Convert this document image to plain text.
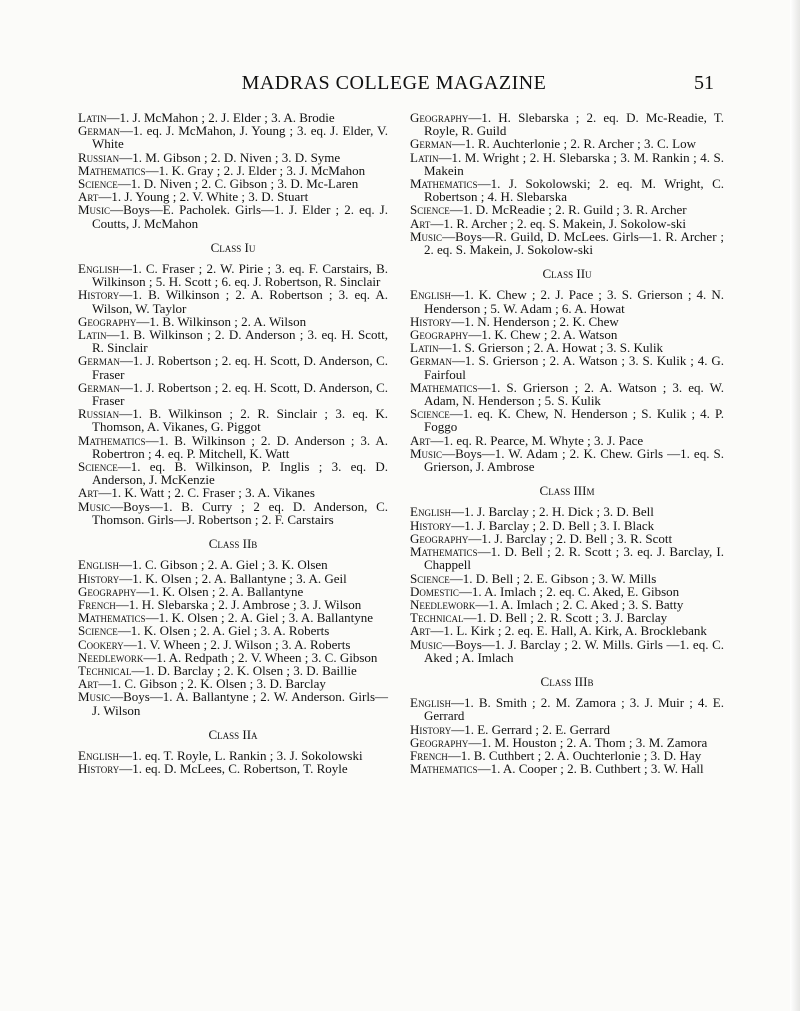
MADRAS COLLEGE MAGAZINE	51

Latin—1. J. McMahon ; 2. J. Elder ; 3. A. Brodie

German—1. eq. J. McMahon, J. Young ; 3. eq. J. Elder, V. White

Russian—1. M. Gibson ; 2. D. Niven ; 3. D. Syme

Mathematics—1. K. Gray ; 2. J. Elder ; 3. J. McMahon

Science—1. D. Niven ; 2. C. Gibson ; 3. D. Mc-Laren

Art—1. J. Young ; 2. V. White ; 3. D. Stuart

Music—Boys—E. Pacholek. Girls—1. J. Elder ; 2. eq. J. Coutts, J. McMahon

Class Iu

English—1. C. Fraser ; 2. W. Pirie ; 3. eq. F. Carstairs, B. Wilkinson ; 5. H. Scott ; 6. eq. J. Robertson, R. Sinclair

History—1. B. Wilkinson ; 2. A. Robertson ; 3. eq. A. Wilson, W. Taylor

Geography—1. B. Wilkinson ; 2. A. Wilson

Latin—1. B. Wilkinson ; 2. D. Anderson ; 3. eq. H. Scott, R. Sinclair

German—1. J. Robertson ; 2. eq. H. Scott, D. Anderson, C. Fraser

German—1. J. Robertson ; 2. eq. H. Scott, D. Anderson, C. Fraser

Russian—1. B. Wilkinson ; 2. R. Sinclair ; 3. eq. K. Thomson, A. Vikanes, G. Piggot

Mathematics—1. B. Wilkinson ; 2. D. Anderson ; 3. A. Robertron ; 4. eq. P. Mitchell, K. Watt

Science—1. eq. B. Wilkinson, P. Inglis ; 3. eq. D. Anderson, J. McKenzie

Art—1. K. Watt ; 2. C. Fraser ; 3. A. Vikanes

Music—Boys—1. B. Curry ; 2 eq. D. Anderson, C. Thomson. Girls—J. Robertson ; 2. F. Carstairs

Class IIb

English—1. C. Gibson ; 2. A. Giel ; 3. K. Olsen

History—1. K. Olsen ; 2. A. Ballantyne ; 3. A. Geil

Geography—1. K. Olsen ; 2. A. Ballantyne

French—1. H. Slebarska ; 2. J. Ambrose ; 3. J. Wilson

Mathematics—1. K. Olsen ; 2. A. Giel ; 3. A. Ballantyne

Science—1. K. Olsen ; 2. A. Giel ; 3. A. Roberts

Cookery—1. V. Wheen ; 2. J. Wilson ; 3. A. Roberts

Needlework—1. A. Redpath ; 2. V. Wheen ; 3. C. Gibson

Technical—1. D. Barclay ; 2. K. Olsen ; 3. D. Baillie

Art—1. C. Gibson ; 2. K. Olsen ; 3. D. Barclay

Music—Boys—1. A. Ballantyne ; 2. W. Anderson. Girls—J. Wilson

Class IIa

English—1. eq. T. Royle, L. Rankin ; 3. J. Sokolowski

History—1. eq. D. McLees, C. Robertson, T. Royle

Geography—1. H. Slebarska ; 2. eq. D. Mc-Readie, T. Royle, R. Guild

German—1. R. Auchterlonie ; 2. R. Archer ; 3. C. Low

Latin—1. M. Wright ; 2. H. Slebarska ; 3. M. Rankin ; 4. S. Makein

Mathematics—1. J. Sokolowski; 2. eq. M. Wright, C. Robertson ; 4. H. Slebarska

Science—1. D. McReadie ; 2. R. Guild ; 3. R. Archer

Art—1. R. Archer ; 2. eq. S. Makein, J. Sokolow-ski

Music—Boys—R. Guild, D. McLees. Girls—1. R. Archer ; 2. eq. S. Makein, J. Sokolow-ski

Class IIu

English—1. K. Chew ; 2. J. Pace ; 3. S. Grierson ; 4. N. Henderson ; 5. W. Adam ; 6. A. Howat

History—1. N. Henderson ; 2. K. Chew

Geography—1. K. Chew ; 2. A. Watson

Latin—1. S. Grierson ; 2. A. Howat ; 3. S. Kulik

German—1. S. Grierson ; 2. A. Watson ; 3. S. Kulik ; 4. G. Fairfoul

Mathematics—1. S. Grierson ; 2. A. Watson ; 3. eq. W. Adam, N. Henderson ; 5. S. Kulik

Science—1. eq. K. Chew, N. Henderson ; S. Kulik ; 4. P. Foggo

Art—1. eq. R. Pearce, M. Whyte ; 3. J. Pace

Music—Boys—1. W. Adam ; 2. K. Chew. Girls —1. eq. S. Grierson, J. Ambrose

Class IIIm

English—1. J. Barclay ; 2. H. Dick ; 3. D. Bell

History—1. J. Barclay ; 2. D. Bell ; 3. I. Black

Geography—1. J. Barclay ; 2. D. Bell ; 3. R. Scott

Mathematics—1. D. Bell ; 2. R. Scott ; 3. eq. J. Barclay, I. Chappell

Science—1. D. Bell ; 2. E. Gibson ; 3. W. Mills

Domestic—1. A. Imlach ; 2. eq. C. Aked, E. Gibson

Needlework—1. A. Imlach ; 2. C. Aked ; 3. S. Batty

Technical—1. D. Bell ; 2. R. Scott ; 3. J. Barclay

Art—1. L. Kirk ; 2. eq. E. Hall, A. Kirk, A. Brocklebank

Music—Boys—1. J. Barclay ; 2. W. Mills. Girls —1. eq. C. Aked ; A. Imlach

Class IIIb

English—1. B. Smith ; 2. M. Zamora ; 3. J. Muir ; 4. E. Gerrard

History—1. E. Gerrard ; 2. E. Gerrard

Geography—1. M. Houston ; 2. A. Thom ; 3. M. Zamora

French—1. B. Cuthbert ; 2. A. Ouchterlonie ; 3. D. Hay

Mathematics—1. A. Cooper ; 2. B. Cuthbert ; 3. W. Hall
